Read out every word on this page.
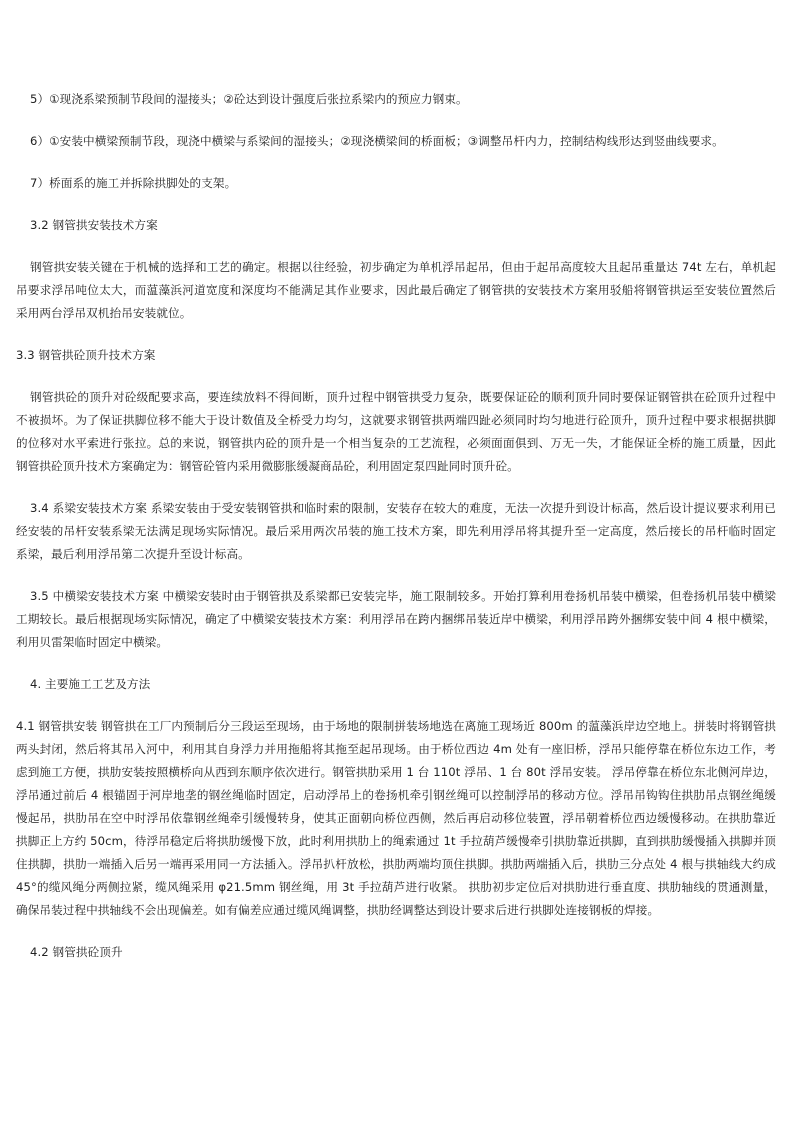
5）①现浇系梁预制节段间的湿接头；②砼达到设计强度后张拉系梁内的预应力钢束。

6）①安装中横梁预制节段，现浇中横梁与系梁间的湿接头；②现浇横梁间的桥面板；③调整吊杆内力，控制结构线形达到竖曲线要求。

7）桥面系的施工并拆除拱脚处的支架。

3.2 钢管拱安装技术方案

钢管拱安装关键在于机械的选择和工艺的确定。根据以往经验，初步确定为单机浮吊起吊，但由于起吊高度较大且起吊重量达 74t 左右，单机起吊要求浮吊吨位太大，而蕰藻浜河道宽度和深度均不能满足其作业要求，因此最后确定了钢管拱的安装技术方案用驳船将钢管拱运至安装位置然后采用两台浮吊双机抬吊安装就位。

3.3 钢管拱砼顶升技术方案

钢管拱砼的顶升对砼级配要求高，要连续放料不得间断，顶升过程中钢管拱受力复杂，既要保证砼的顺利顶升同时要保证钢管拱在砼顶升过程中不被损坏。为了保证拱脚位移不能大于设计数值及全桥受力均匀，这就要求钢管拱两端四趾必须同时均匀地进行砼顶升，顶升过程中要求根据拱脚的位移对水平索进行张拉。总的来说，钢管拱内砼的顶升是一个相当复杂的工艺流程，必须面面俱到、万无一失，才能保证全桥的施工质量，因此钢管拱砼顶升技术方案确定为：钢管砼管内采用微膨胀缓凝商品砼，利用固定泵四趾同时顶升砼。

3.4 系梁安装技术方案 系梁安装由于受安装钢管拱和临时索的限制，安装存在较大的难度，无法一次提升到设计标高，然后设计提议要求利用已经安装的吊杆安装系梁无法满足现场实际情况。最后采用两次吊装的施工技术方案，即先利用浮吊将其提升至一定高度，然后接长的吊杆临时固定系梁，最后利用浮吊第二次提升至设计标高。

3.5 中横梁安装技术方案 中横梁安装时由于钢管拱及系梁都已安装完毕，施工限制较多。开始打算利用卷扬机吊装中横梁，但卷扬机吊装中横梁工期较长。最后根据现场实际情况，确定了中横梁安装技术方案：利用浮吊在跨内捆绑吊装近岸中横梁，利用浮吊跨外捆绑安装中间 4 根中横梁，利用贝雷架临时固定中横梁。

4. 主要施工工艺及方法

4.1 钢管拱安装 钢管拱在工厂内预制后分三段运至现场，由于场地的限制拼装场地选在离施工现场近 800m 的蕰藻浜岸边空地上。拼装时将钢管拱两头封闭，然后将其吊入河中，利用其自身浮力并用拖船将其拖至起吊现场。由于桥位西边 4m 处有一座旧桥，浮吊只能停靠在桥位东边工作，考虑到施工方便，拱肋安装按照横桥向从西到东顺序依次进行。钢管拱肋采用 1 台 110t 浮吊、1 台 80t 浮吊安装。 浮吊停靠在桥位东北侧河岸边，浮吊通过前后 4 根锚固于河岸地垄的钢丝绳临时固定，启动浮吊上的卷扬机牵引钢丝绳可以控制浮吊的移动方位。浮吊吊钩钩住拱肋吊点钢丝绳缓慢起吊，拱肋吊在空中时浮吊依靠钢丝绳牵引缓慢转身，使其正面朝向桥位西侧，然后再启动移位装置，浮吊朝着桥位西边缓慢移动。在拱肋靠近拱脚正上方约 50cm，待浮吊稳定后将拱肋缓慢下放，此时利用拱肋上的绳索通过 1t 手拉葫芦缓慢牵引拱肋靠近拱脚，直到拱肋缓慢插入拱脚并顶住拱脚，拱肋一端插入后另一端再采用同一方法插入。浮吊扒杆放松，拱肋两端均顶住拱脚。拱肋两端插入后，拱肋三分点处 4 根与拱轴线大约成 45°的缆风绳分两侧拉紧，缆风绳采用 φ21.5mm 钢丝绳，用 3t 手拉葫芦进行收紧。 拱肋初步定位后对拱肋进行垂直度、拱肋轴线的贯通测量，确保吊装过程中拱轴线不会出现偏差。如有偏差应通过缆风绳调整，拱肋经调整达到设计要求后进行拱脚处连接钢板的焊接。

4.2 钢管拱砼顶升
